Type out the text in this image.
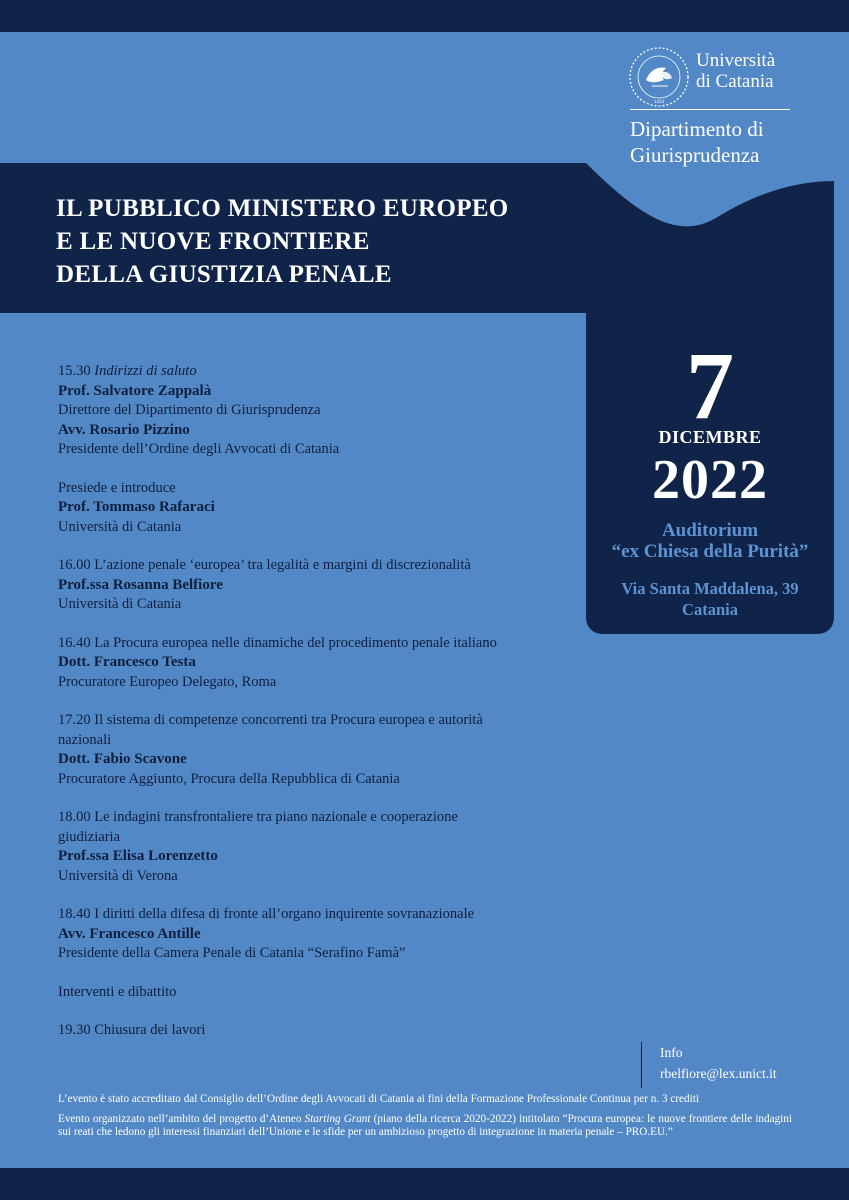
1434
Università
di Catania
Dipartimento di
Giurisprudenza
IL PUBBLICO MINISTERO EUROPEO
E LE NUOVE FRONTIERE
DELLA GIUSTIZIA PENALE
7
DICEMBRE
2022
Auditorium
“ex Chiesa della Purità”
Via Santa Maddalena, 39
Catania
15.30 Indirizzi di saluto
Prof. Salvatore Zappalà
Direttore del Dipartimento di Giurisprudenza
Avv. Rosario Pizzino
Presidente dell’Ordine degli Avvocati di Catania
Presiede e introduce
Prof. Tommaso Rafaraci
Università di Catania
16.00 L’azione penale ‘europea’ tra legalità e margini di discrezionalità
Prof.ssa Rosanna Belfiore
Università di Catania
16.40 La Procura europea nelle dinamiche del procedimento penale italiano
Dott. Francesco Testa
Procuratore Europeo Delegato, Roma
17.20 Il sistema di competenze concorrenti tra Procura europea e autorità
nazionali
Dott. Fabio Scavone
Procuratore Aggiunto, Procura della Repubblica di Catania
18.00 Le indagini transfrontaliere tra piano nazionale e cooperazione
giudiziaria
Prof.ssa Elisa Lorenzetto
Università di Verona
18.40 I diritti della difesa di fronte all’organo inquirente sovranazionale
Avv. Francesco Antille
Presidente della Camera Penale di Catania “Serafino Famà”
Interventi e dibattito
19.30 Chiusura dei lavori
Info
rbelfiore@lex.unict.it

L’evento è stato accreditato dal Consiglio dell’Ordine degli Avvocati di Catania ai fini della Formazione Professionale Continua per n. 3 crediti

Evento organizzato nell’ambito del progetto d’Ateneo Starting Grant (piano della ricerca 2020-2022) intitolato “Procura europea: le nuove frontiere delle indagini sui reati che ledono gli interessi finanziari dell’Unione e le sfide per un ambizioso progetto di integrazione in materia penale – PRO.EU.”
